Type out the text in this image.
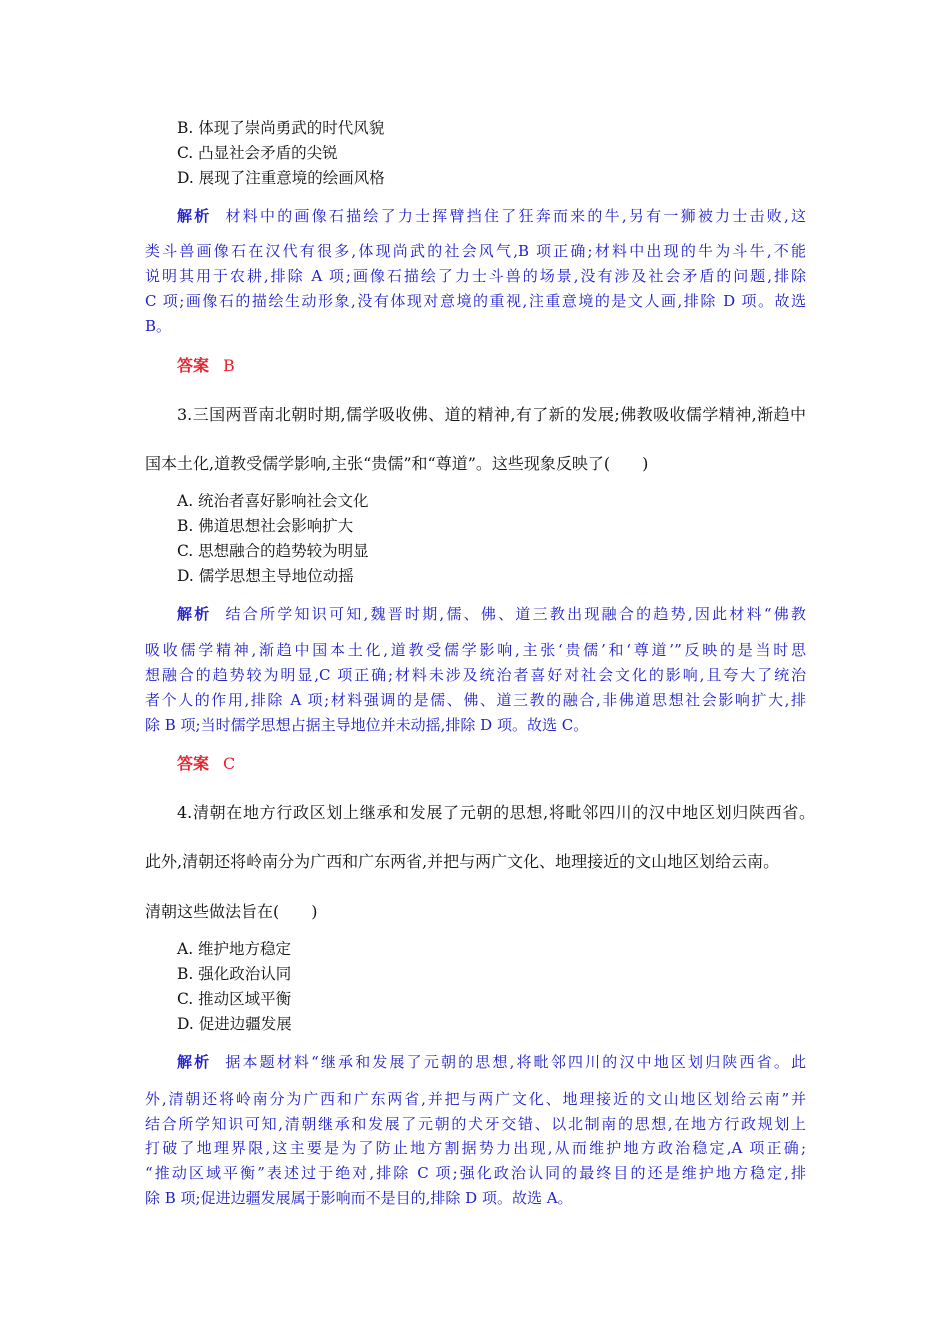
B. 体现了崇尚勇武的时代风貌
C. 凸显社会矛盾的尖锐
D. 展现了注重意境的绘画风格
解析 材料中的画像石描绘了力士挥臂挡住了狂奔而来的牛,另有一狮被力士击败,这
类斗兽画像石在汉代有很多,体现尚武的社会风气,B 项正确;材料中出现的牛为斗牛,不能
说明其用于农耕,排除 A 项;画像石描绘了力士斗兽的场景,没有涉及社会矛盾的问题,排除
C 项;画像石的描绘生动形象,没有体现对意境的重视,注重意境的是文人画,排除 D 项。故选
B。
答案 B
3.三国两晋南北朝时期,儒学吸收佛、道的精神,有了新的发展;佛教吸收儒学精神,渐趋中
国本土化,道教受儒学影响,主张“贵儒”和“尊道”。这些现象反映了(　　)
A. 统治者喜好影响社会文化
B. 佛道思想社会影响扩大
C. 思想融合的趋势较为明显
D. 儒学思想主导地位动摇
解析 结合所学知识可知,魏晋时期,儒、佛、道三教出现融合的趋势,因此材料“佛教
吸收儒学精神,渐趋中国本土化,道教受儒学影响,主张‘贵儒’和‘尊道’”反映的是当时思
想融合的趋势较为明显,C 项正确;材料未涉及统治者喜好对社会文化的影响,且夸大了统治
者个人的作用,排除 A 项;材料强调的是儒、佛、道三教的融合,非佛道思想社会影响扩大,排
除 B 项;当时儒学思想占据主导地位并未动摇,排除 D 项。故选 C。
答案 C
4.清朝在地方行政区划上继承和发展了元朝的思想,将毗邻四川的汉中地区划归陕西省。
此外,清朝还将岭南分为广西和广东两省,并把与两广文化、地理接近的文山地区划给云南。
清朝这些做法旨在(　　)
A. 维护地方稳定
B. 强化政治认同
C. 推动区域平衡
D. 促进边疆发展
解析 据本题材料“继承和发展了元朝的思想,将毗邻四川的汉中地区划归陕西省。此
外,清朝还将岭南分为广西和广东两省,并把与两广文化、地理接近的文山地区划给云南”并
结合所学知识可知,清朝继承和发展了元朝的犬牙交错、以北制南的思想,在地方行政规划上
打破了地理界限,这主要是为了防止地方割据势力出现,从而维护地方政治稳定,A 项正确;
“推动区域平衡”表述过于绝对,排除 C 项;强化政治认同的最终目的还是维护地方稳定,排
除 B 项;促进边疆发展属于影响而不是目的,排除 D 项。故选 A。
